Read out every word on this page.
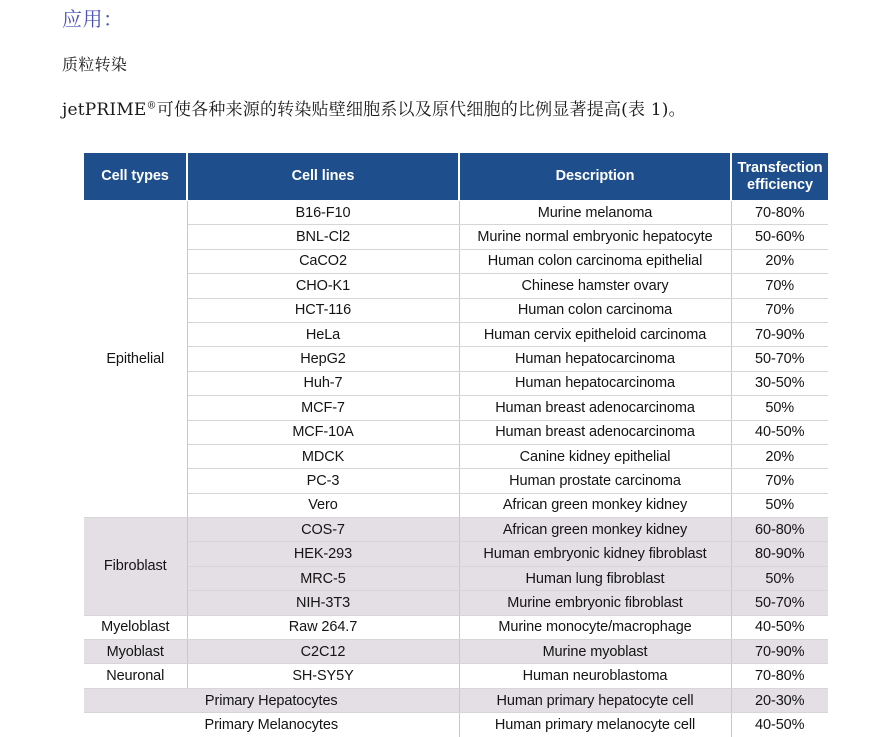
应用：
质粒转染
jetPRIME®可使各种来源的转染贴壁细胞系以及原代细胞的比例显著提高(表 1)。
Cell types	Cell lines	Description	Transfection
efficiency
Epithelial	B16-F10	Murine melanoma	70-80%
	BNL-Cl2	Murine normal embryonic hepatocyte	50-60%
	CaCO2	Human colon carcinoma epithelial	20%
	CHO-K1	Chinese hamster ovary	70%
	HCT-116	Human colon carcinoma	70%
	HeLa	Human cervix epitheloid carcinoma	70-90%
	HepG2	Human hepatocarcinoma	50-70%
	Huh-7	Human hepatocarcinoma	30-50%
	MCF-7	Human breast adenocarcinoma	50%
	MCF-10A	Human breast adenocarcinoma	40-50%
	MDCK	Canine kidney epithelial	20%
	PC-3	Human prostate carcinoma	70%
	Vero	African green monkey kidney	50%
Fibroblast	COS-7	African green monkey kidney	60-80%
	HEK-293	Human embryonic kidney fibroblast	80-90%
	MRC-5	Human lung fibroblast	50%
	NIH-3T3	Murine embryonic fibroblast	50-70%
Myeloblast	Raw 264.7	Murine monocyte/macrophage	40-50%
Myoblast	C2C12	Murine myoblast	70-90%
Neuronal	SH-SY5Y	Human neuroblastoma	70-80%
Primary Hepatocytes		Human primary hepatocyte cell	20-30%
Primary Melanocytes		Human primary melanocyte cell	40-50%
